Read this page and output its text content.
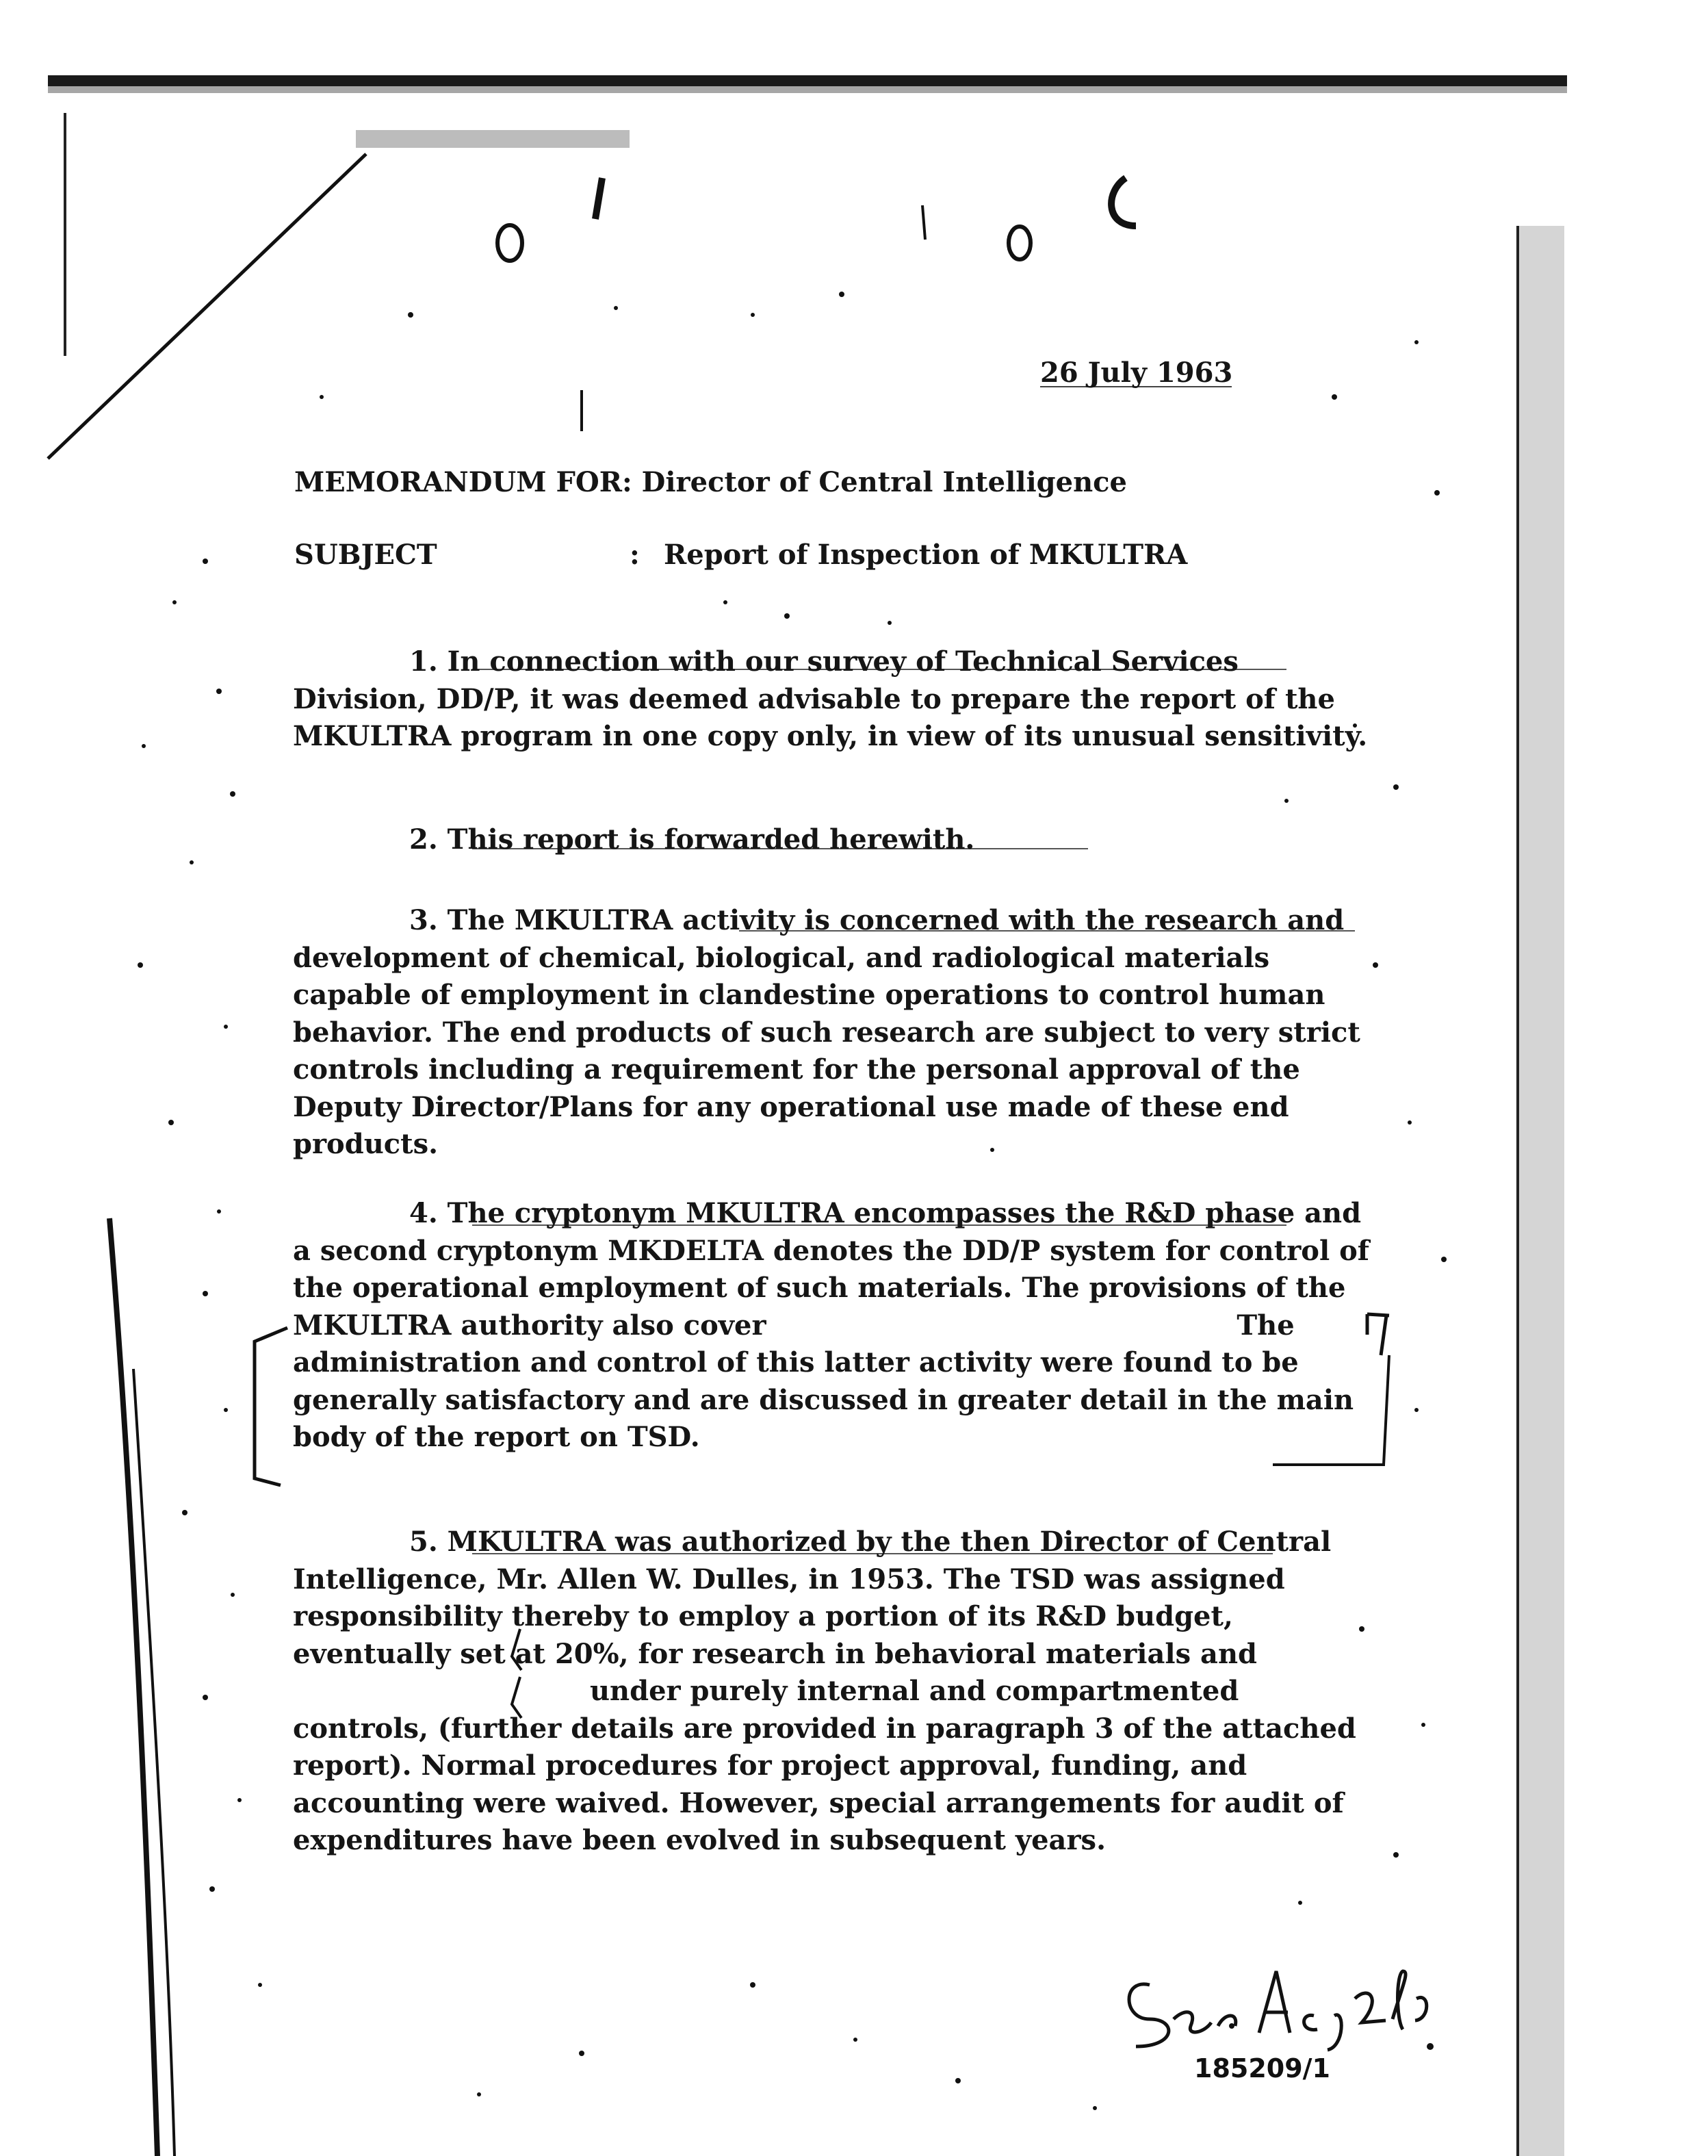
26 July 1963
MEMORANDUM FOR: Director of Central Intelligence
SUBJECT	: Report of Inspection of MKULTRA

1. In connection with our survey of Technical Services Division, DD/P, it was deemed advisable to prepare the report of the MKULTRA program in one copy only, in view of its unusual sensitivity.

2. This report is forwarded herewith.

3. The MKULTRA activity is concerned with the research and development of chemical, biological, and radiological materials capable of employment in clandestine operations to control human behavior. The end products of such research are subject to very strict controls including a requirement for the personal approval of the Deputy Director/Plans for any operational use made of these end products.

4. The cryptonym MKULTRA encompasses the R&D phase and a second cryptonym MKDELTA denotes the DD/P system for control of the operational employment of such materials. The provisions of the MKULTRA authority also cover	The administration and control of this latter activity were found to be generally satisfactory and are discussed in greater detail in the main body of the report on TSD.

5. MKULTRA was authorized by the then Director of Central Intelligence, Mr. Allen W. Dulles, in 1953. The TSD was assigned responsibility thereby to employ a portion of its R&D budget, eventually set at 20%, for research in behavioral materials and  under purely internal and compartmented controls, (further details are provided in paragraph 3 of the attached report). Normal procedures for project approval, funding, and accounting were waived. However, special arrangements for audit of expenditures have been evolved in subsequent years.

185209/1
